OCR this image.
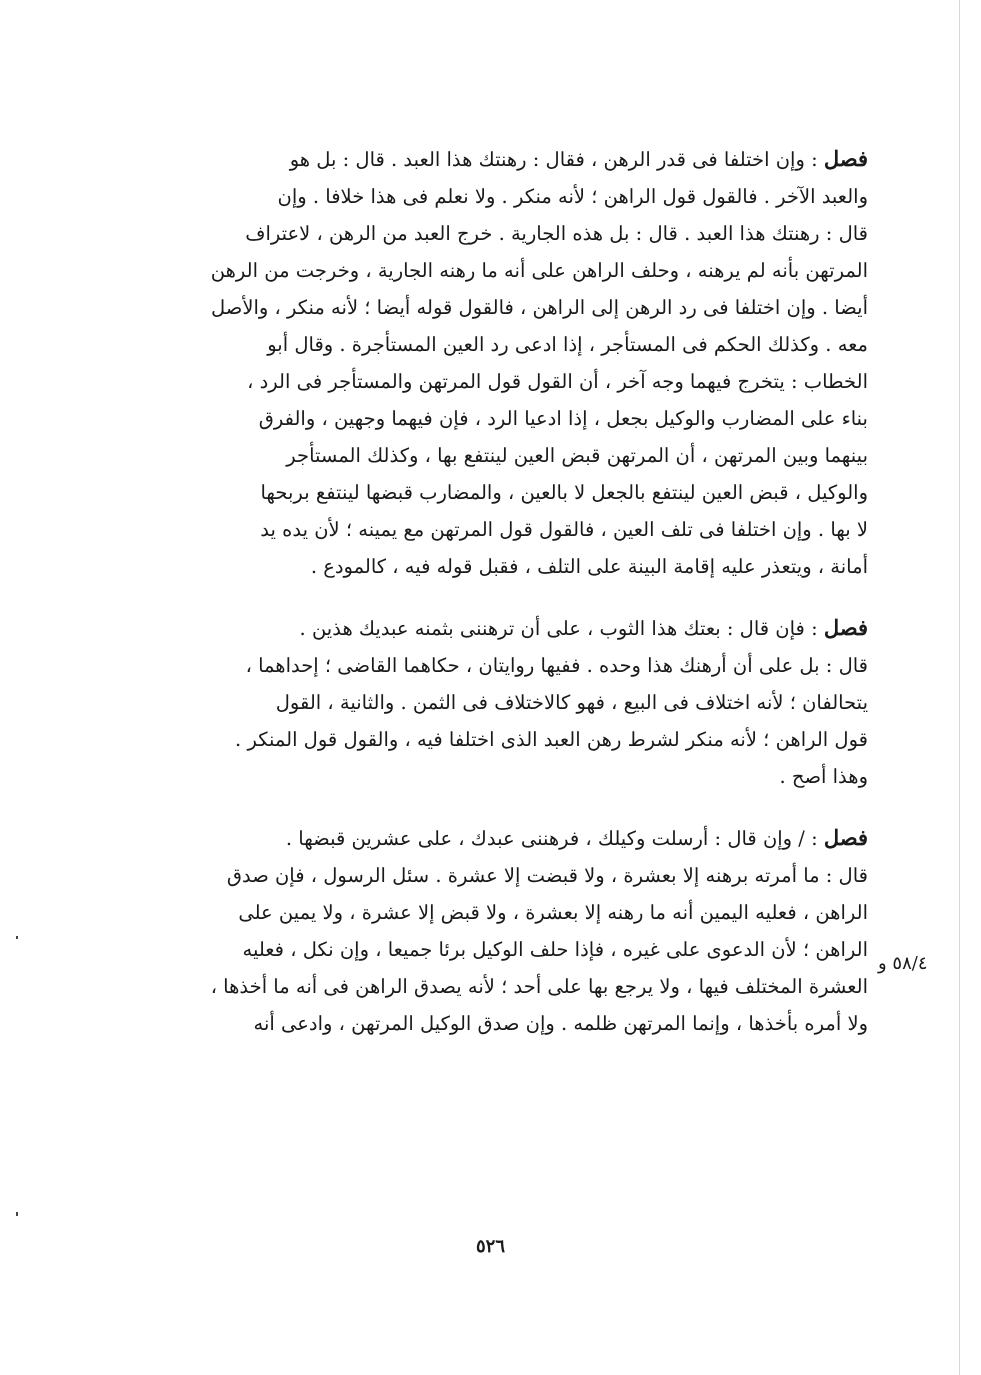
فصل : وإن اختلفا فى قدر الرهن ، فقال : رهنتك هذا العبد . قال : بل هو
والعبد الآخر . فالقول قول الراهن ؛ لأنه منكر . ولا نعلم فى هذا خلافا . وإن
قال : رهنتك هذا العبد . قال : بل هذه الجارية . خرج العبد من الرهن ، لاعتراف
المرتهن بأنه لم يرهنه ، وحلف الراهن على أنه ما رهنه الجارية ، وخرجت من الرهن
أيضا . وإن اختلفا فى رد الرهن إلى الراهن ، فالقول قوله أيضا ؛ لأنه منكر ، والأصل
معه . وكذلك الحكم فى المستأجر ، إذا ادعى رد العين المستأجرة . وقال أبو
الخطاب : يتخرج فيهما وجه آخر ، أن القول قول المرتهن والمستأجر فى الرد ،
بناء على المضارب والوكيل بجعل ، إذا ادعيا الرد ، فإن فيهما وجهين ، والفرق
بينهما وبين المرتهن ، أن المرتهن قبض العين لينتفع بها ، وكذلك المستأجر
والوكيل ، قبض العين لينتفع بالجعل لا بالعين ، والمضارب قبضها لينتفع بربحها
لا بها . وإن اختلفا فى تلف العين ، فالقول قول المرتهن مع يمينه ؛ لأن يده يد
أمانة ، ويتعذر عليه إقامة البينة على التلف ، فقبل قوله فيه ، كالمودع .

فصل : فإن قال : بعتك هذا الثوب ، على أن ترهننى بثمنه عبديك هذين .
قال : بل على أن أرهنك هذا وحده . ففيها روايتان ، حكاهما القاضى ؛ إحداهما ،
يتحالفان ؛ لأنه اختلاف فى البيع ، فهو كالاختلاف فى الثمن . والثانية ، القول
قول الراهن ؛ لأنه منكر لشرط رهن العبد الذى اختلفا فيه ، والقول قول المنكر .
وهذا أصح .

فصل : / وإن قال : أرسلت وكيلك ، فرهننى عبدك ، على عشرين قبضها .
قال : ما أمرته برهنه إلا بعشرة ، ولا قبضت إلا عشرة . سئل الرسول ، فإن صدق
الراهن ، فعليه اليمين أنه ما رهنه إلا بعشرة ، ولا قبض إلا عشرة ، ولا يمين على
الراهن ؛ لأن الدعوى على غيره ، فإذا حلف الوكيل برئا جميعا ، وإن نكل ، فعليه
العشرة المختلف فيها ، ولا يرجع بها على أحد ؛ لأنه يصدق الراهن فى أنه ما أخذها ،
ولا أمره بأخذها ، وإنما المرتهن ظلمه . وإن صدق الوكيل المرتهن ، وادعى أنه

٥٨/٤ و
٥٢٦
